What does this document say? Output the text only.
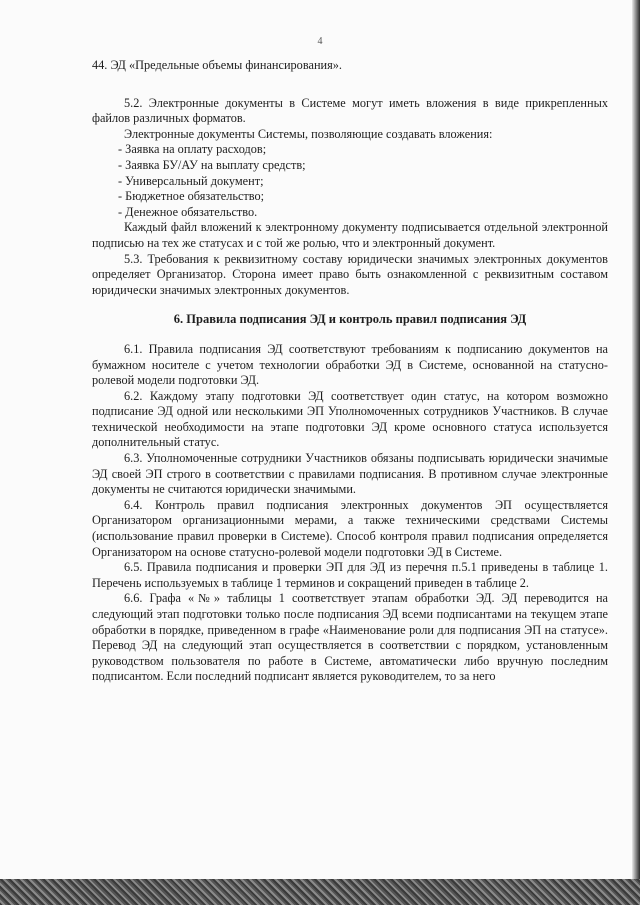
4

44. ЭД «Предельные объемы финансирования».

5.2. Электронные документы в Системе могут иметь вложения в виде прикрепленных файлов различных форматов.

Электронные документы Системы, позволяющие создавать вложения:

- Заявка на оплату расходов;
- Заявка БУ/АУ на выплату средств;
- Универсальный документ;
- Бюджетное обязательство;
- Денежное обязательство.

Каждый файл вложений к электронному документу подписывается отдельной электронной подписью на тех же статусах и с той же ролью, что и электронный документ.

5.3. Требования к реквизитному составу юридически значимых электронных документов определяет Организатор. Сторона имеет право быть ознакомленной с реквизитным составом юридически значимых электронных документов.

6. Правила подписания ЭД и контроль правил подписания ЭД

6.1. Правила подписания ЭД соответствуют требованиям к подписанию документов на бумажном носителе с учетом технологии обработки ЭД в Системе, основанной на статусно-ролевой модели подготовки ЭД.

6.2. Каждому этапу подготовки ЭД соответствует один статус, на котором возможно подписание ЭД одной или несколькими ЭП Уполномоченных сотрудников Участников. В случае технической необходимости на этапе подготовки ЭД кроме основного статуса используется дополнительный статус.

6.3. Уполномоченные сотрудники Участников обязаны подписывать юридически значимые ЭД своей ЭП строго в соответствии с правилами подписания. В противном случае электронные документы не считаются юридически значимыми.

6.4. Контроль правил подписания электронных документов ЭП осуществляется Организатором организационными мерами, а также техническими средствами Системы (использование правил проверки в Системе). Способ контроля правил подписания определяется Организатором на основе статусно-ролевой модели подготовки ЭД в Системе.

6.5. Правила подписания и проверки ЭП для ЭД из перечня п.5.1 приведены в таблице 1. Перечень используемых в таблице 1 терминов и сокращений приведен в таблице 2.

6.6. Графа «№» таблицы 1 соответствует этапам обработки ЭД. ЭД переводится на следующий этап подготовки только после подписания ЭД всеми подписантами на текущем этапе обработки в порядке, приведенном в графе «Наименование роли для подписания ЭП на статусе». Перевод ЭД на следующий этап осуществляется в соответствии с порядком, установленным руководством пользователя по работе в Системе, автоматически либо вручную последним подписантом. Если последний подписант является руководителем, то за него
